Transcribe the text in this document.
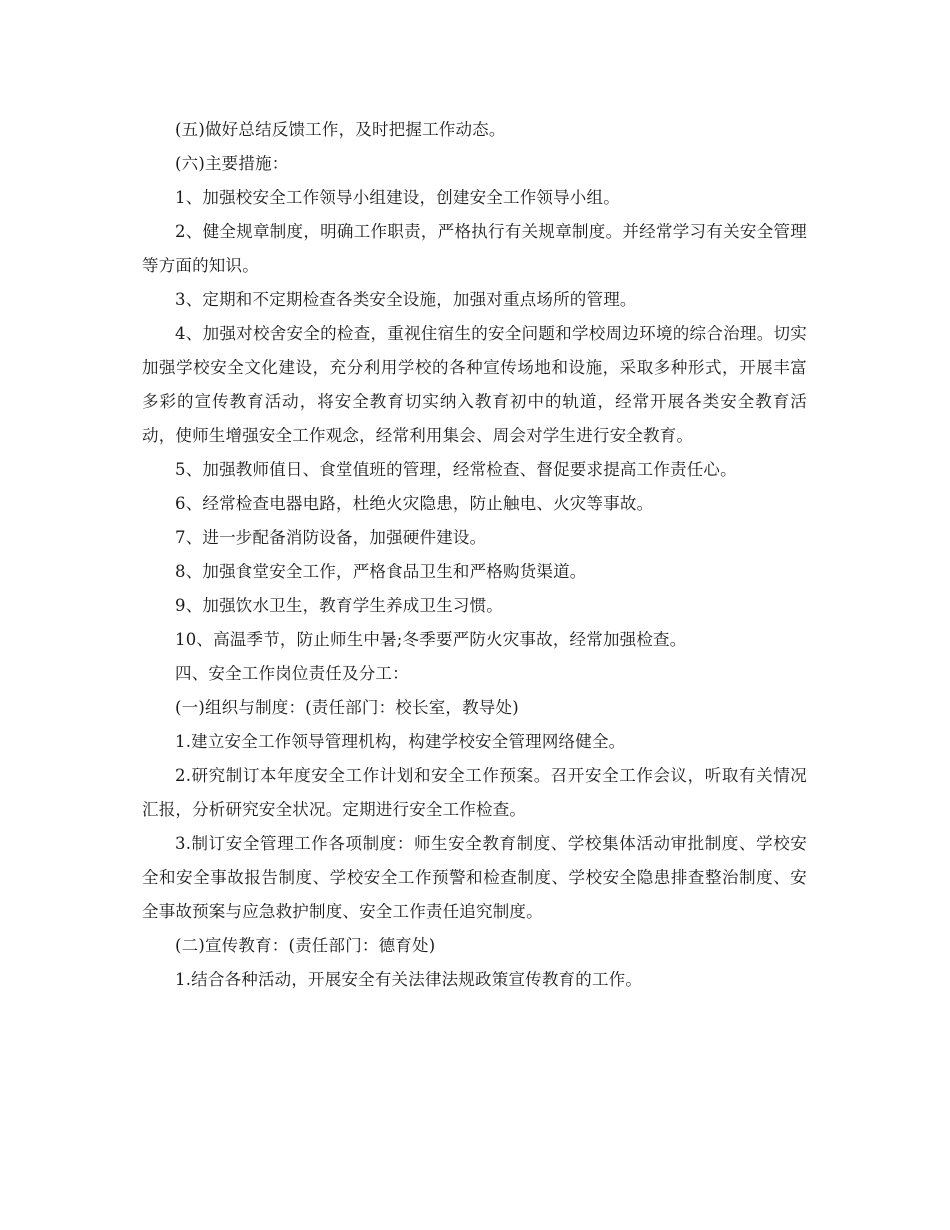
(五)做好总结反馈工作，及时把握工作动态。

(六)主要措施：

1、加强校安全工作领导小组建设，创建安全工作领导小组。

2、健全规章制度，明确工作职责，严格执行有关规章制度。并经常学习有关安全管理等方面的知识。

3、定期和不定期检查各类安全设施，加强对重点场所的管理。

4、加强对校舍安全的检查，重视住宿生的安全问题和学校周边环境的综合治理。切实加强学校安全文化建设，充分利用学校的各种宣传场地和设施，采取多种形式，开展丰富多彩的宣传教育活动，将安全教育切实纳入教育初中的轨道，经常开展各类安全教育活动，使师生增强安全工作观念，经常利用集会、周会对学生进行安全教育。

5、加强教师值日、食堂值班的管理，经常检查、督促要求提高工作责任心。

6、经常检查电器电路，杜绝火灾隐患，防止触电、火灾等事故。

7、进一步配备消防设备，加强硬件建设。

8、加强食堂安全工作，严格食品卫生和严格购货渠道。

9、加强饮水卫生，教育学生养成卫生习惯。

10、高温季节，防止师生中暑;冬季要严防火灾事故，经常加强检查。

四、安全工作岗位责任及分工：

(一)组织与制度：(责任部门：校长室，教导处)

1.建立安全工作领导管理机构，构建学校安全管理网络健全。

2.研究制订本年度安全工作计划和安全工作预案。召开安全工作会议，听取有关情况汇报，分析研究安全状况。定期进行安全工作检查。

3.制订安全管理工作各项制度：师生安全教育制度、学校集体活动审批制度、学校安全和安全事故报告制度、学校安全工作预警和检查制度、学校安全隐患排查整治制度、安全事故预案与应急救护制度、安全工作责任追究制度。

(二)宣传教育：(责任部门：德育处)

1.结合各种活动，开展安全有关法律法规政策宣传教育的工作。
